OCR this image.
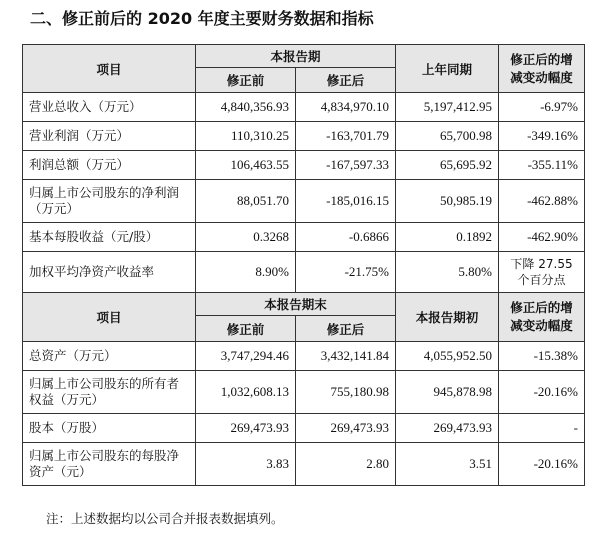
二、修正前后的 2020 年度主要财务数据和指标
项目	本报告期		上年同期	修正后的增减变动幅度
	修正前	修正后		
营业总收入（万元）	4,840,356.93	4,834,970.10	5,197,412.95	-6.97%
营业利润（万元）	110,310.25	-163,701.79	65,700.98	-349.16%
利润总额（万元）	106,463.55	-167,597.33	65,695.92	-355.11%
归属上市公司股东的净利润（万元）	88,051.70	-185,016.15	50,985.19	-462.88%
基本每股收益（元/股）	0.3268	-0.6866	0.1892	-462.90%
加权平均净资产收益率	8.90%	-21.75%	5.80%	下降 27.55 个百分点
项目	本报告期末		本报告期初	修正后的增减变动幅度
	修正前	修正后		
总资产（万元）	3,747,294.46	3,432,141.84	4,055,952.50	-15.38%
归属上市公司股东的所有者权益（万元）	1,032,608.13	755,180.98	945,878.98	-20.16%
股本（万股）	269,473.93	269,473.93	269,473.93	-
归属上市公司股东的每股净资产（元）	3.83	2.80	3.51	-20.16%
注：上述数据均以公司合并报表数据填列。
